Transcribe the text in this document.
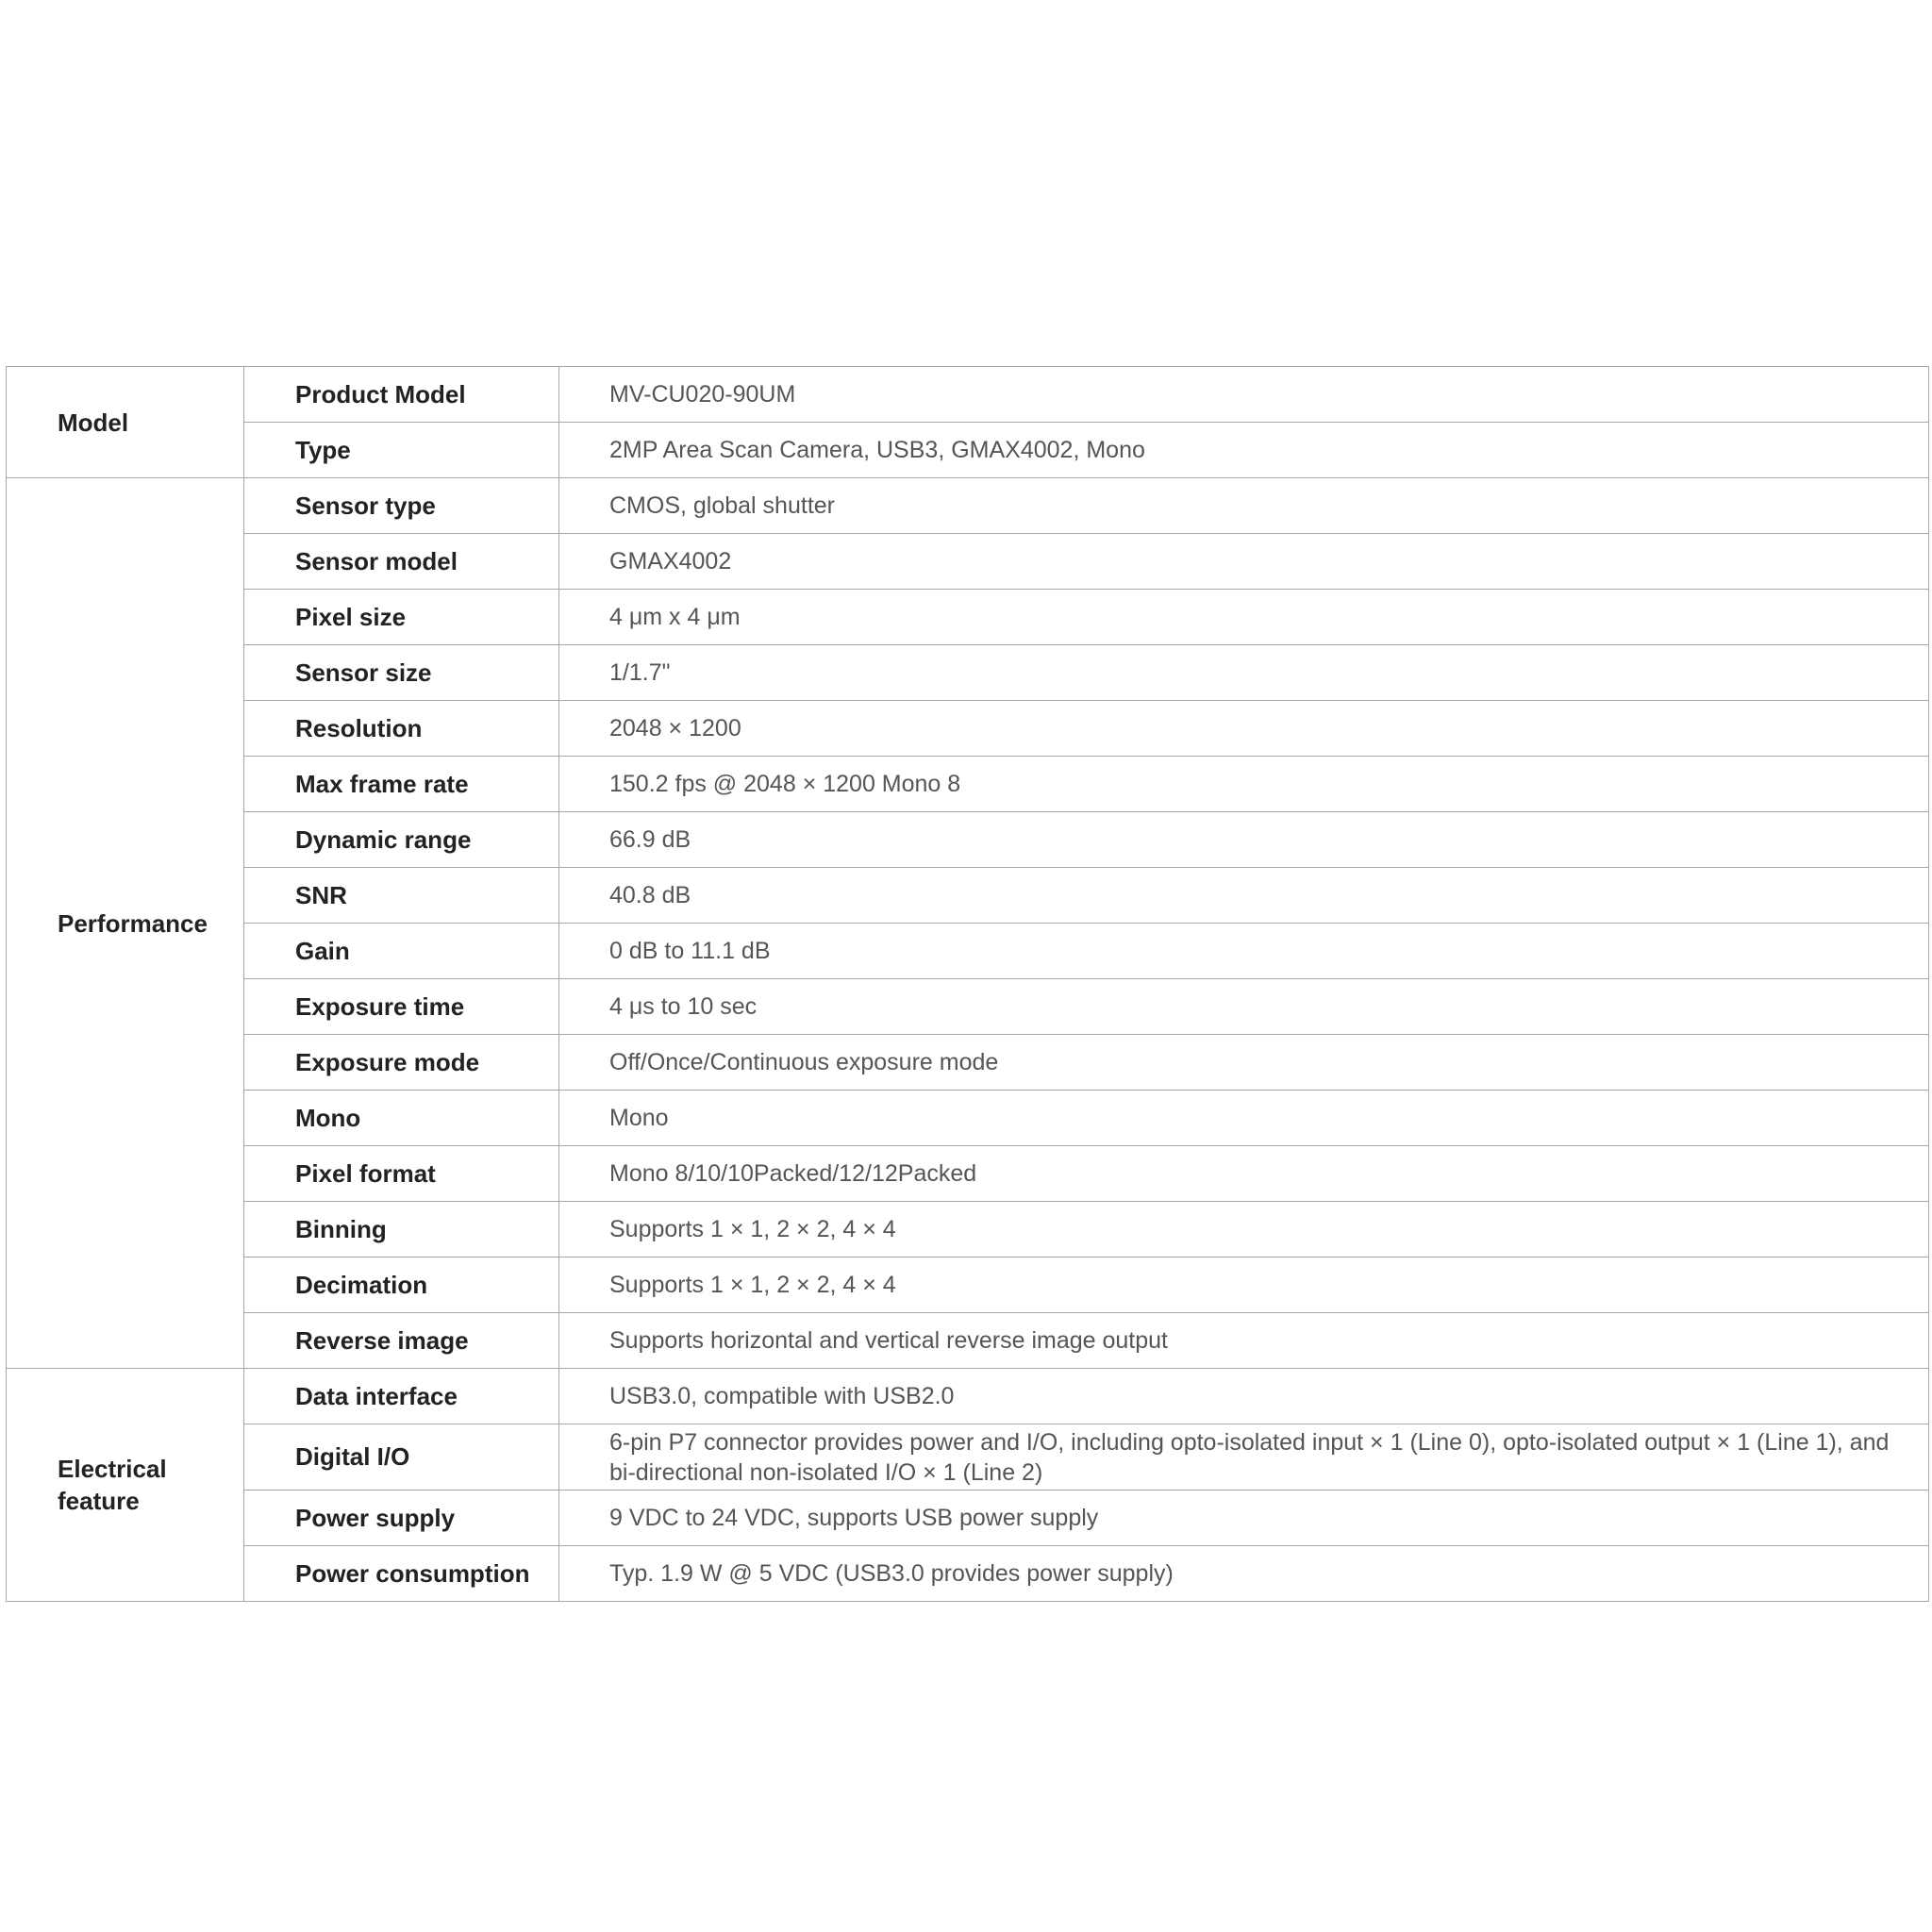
Model	Product Model	MV-CU020-90UM
	Type	2MP Area Scan Camera, USB3, GMAX4002, Mono
Performance	Sensor type	CMOS, global shutter
	Sensor model	GMAX4002
	Pixel size	4 μm x 4 μm
	Sensor size	1/1.7"
	Resolution	2048 × 1200
	Max frame rate	150.2 fps @ 2048 × 1200 Mono 8
	Dynamic range	66.9 dB
	SNR	40.8 dB
	Gain	0 dB to 11.1 dB
	Exposure time	4 μs to 10 sec
	Exposure mode	Off/Once/Continuous exposure mode
	Mono	Mono
	Pixel format	Mono 8/10/10Packed/12/12Packed
	Binning	Supports 1 × 1, 2 × 2, 4 × 4
	Decimation	Supports 1 × 1, 2 × 2, 4 × 4
	Reverse image	Supports horizontal and vertical reverse image output
Electrical feature	Data interface	USB3.0, compatible with USB2.0
	Digital I/O	6-pin P7 connector provides power and I/O, including opto-isolated input × 1 (Line 0), opto-isolated output × 1 (Line 1), and bi-directional non-isolated I/O × 1 (Line 2)
	Power supply	9 VDC to 24 VDC, supports USB power supply
	Power consumption	Typ. 1.9 W @ 5 VDC (USB3.0 provides power supply)
